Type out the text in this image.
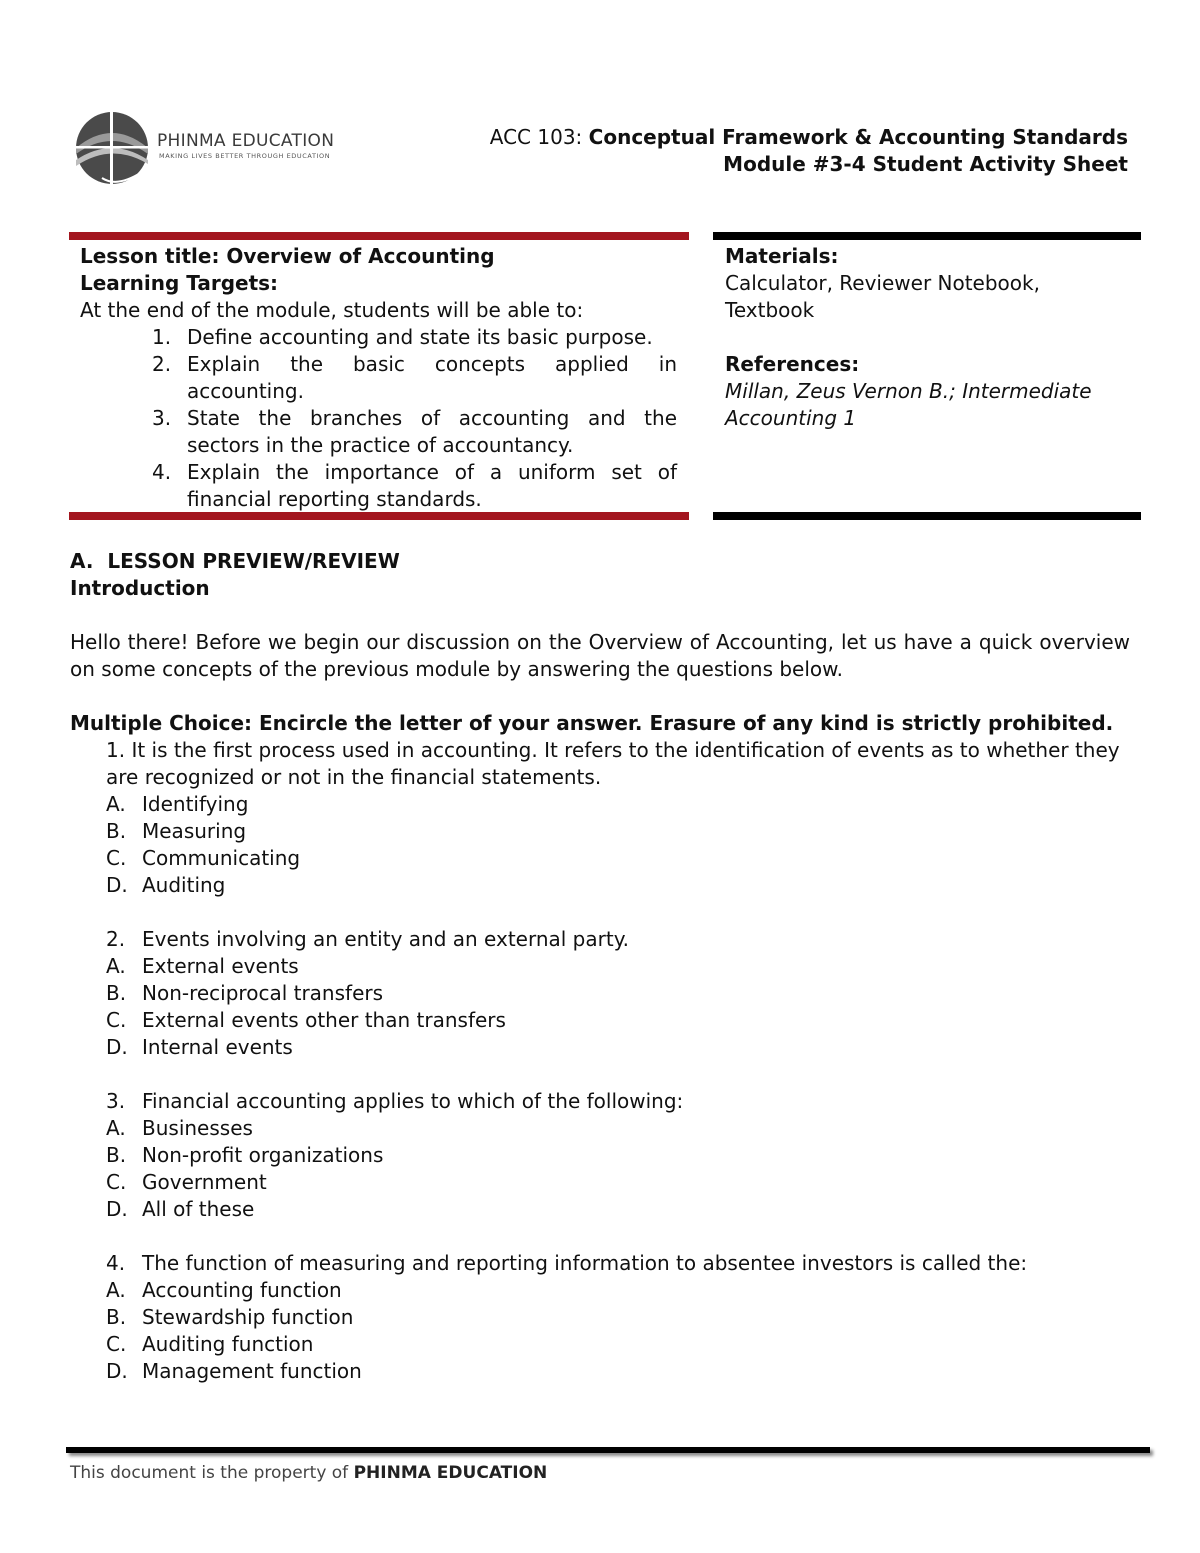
PHINMA EDUCATION
MAKING LIVES BETTER THROUGH EDUCATION
ACC 103: Conceptual Framework & Accounting Standards
Module #3-4 Student Activity Sheet
Lesson title: Overview of Accounting
Learning Targets:
At the end of the module, students will be able to:
1. Define accounting and state its basic purpose.
2. Explain the basic concepts applied in accounting.
3. State the branches of accounting and the sectors in the practice of accountancy.
4. Explain the importance of a uniform set of financial reporting standards.
Materials:
Calculator, Reviewer Notebook, Textbook
References:
Millan, Zeus Vernon B.; Intermediate Accounting 1
A.  LESSON PREVIEW/REVIEW
Introduction
Hello there! Before we begin our discussion on the Overview of Accounting, let us have a quick overview on some concepts of the previous module by answering the questions below.
Multiple Choice: Encircle the letter of your answer. Erasure of any kind is strictly prohibited.
1. It is the first process used in accounting. It refers to the identification of events as to whether they are recognized or not in the financial statements.
A. Identifying
B. Measuring
C. Communicating
D. Auditing
2. Events involving an entity and an external party.
A. External events
B. Non-reciprocal transfers
C. External events other than transfers
D. Internal events
3. Financial accounting applies to which of the following:
A. Businesses
B. Non-profit organizations
C. Government
D. All of these
4. The function of measuring and reporting information to absentee investors is called the:
A. Accounting function
B. Stewardship function
C. Auditing function
D. Management function
This document is the property of PHINMA EDUCATION
